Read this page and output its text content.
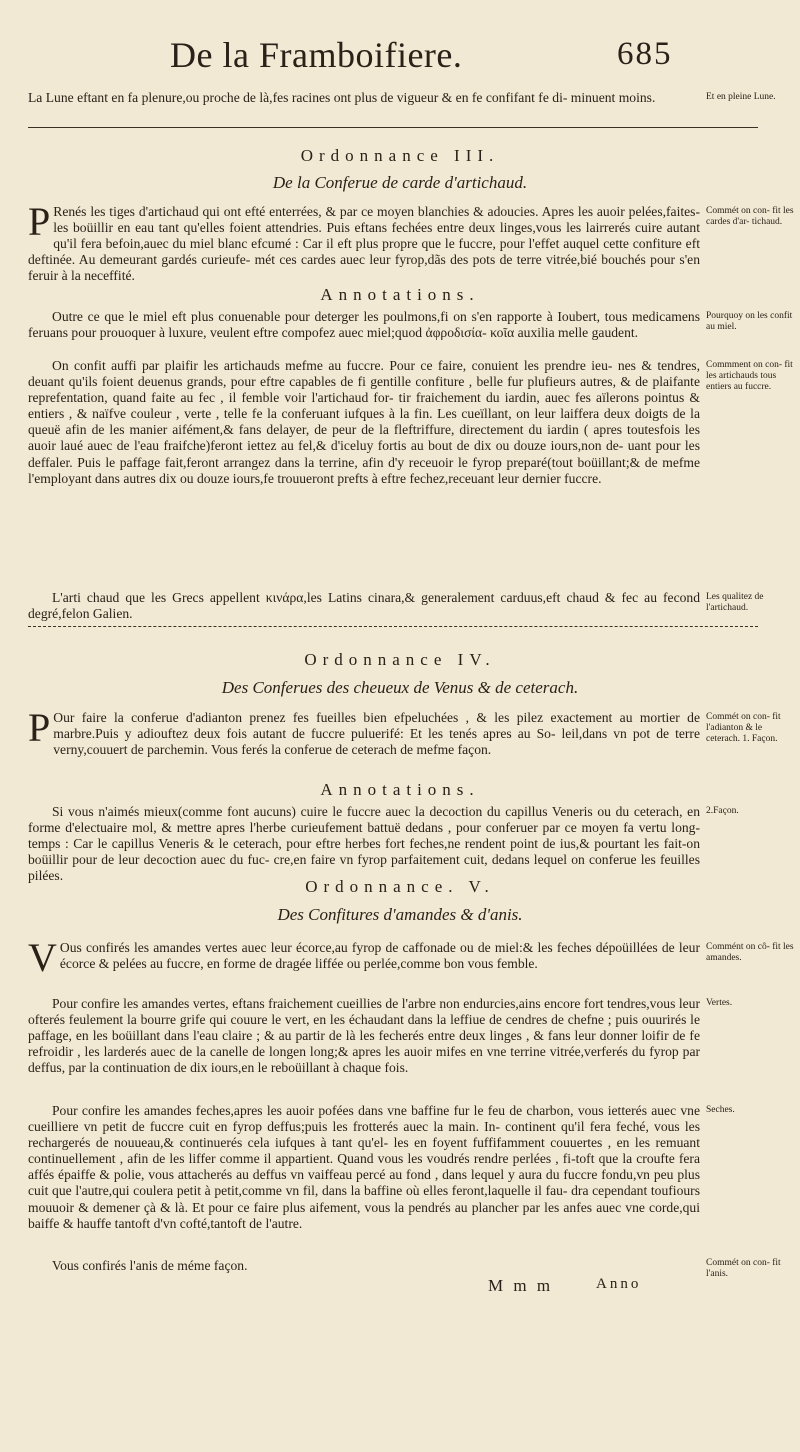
De la Framboifiere.	685

La Lune eftant en fa plenure,ou proche de là,fes racines ont plus de vigueur & en fe confifant fe di- minuent moins.	Et en pleine Lune.
Ordonnance III.
De la Conferue de carde d'artichaud.

P Renés les tiges d'artichaud qui ont efté enterrées, & par ce moyen blanchies & adoucies. Apres les auoir pelées,faites-les boüillir en eau tant qu'elles foient attendries. Puis eftans fechées entre deux linges,vous les lairrerés cuire autant qu'il fera befoin,auec du miel blanc efcumé : Car il eft plus propre que le fuccre, pour l'effet auquel cette confiture eft deftinée. Au demeurant gardés curieufe- mét ces cardes auec leur fyrop,dãs des pots de terre vitrée,bié bouchés pour s'en feruir à la neceffité.

Commét on con- fit les cardes d'ar- tichaud.
Annotations.

Outre ce que le miel eft plus conuenable pour deterger les poulmons,fi on s'en rapporte à Ioubert, tous medicamens feruans pour prouoquer à luxure, veulent eftre compofez auec miel;quod ἀφροδισία- κοῖα auxilia melle gaudent.

Pourquoy on les confit au miel.

On confit auffi par plaifir les artichauds mefme au fuccre. Pour ce faire, conuient les prendre ieu- nes & tendres, deuant qu'ils foient deuenus grands, pour eftre capables de fi gentille confiture , belle fur plufieurs autres, & de plaifante reprefentation, quand faite au fec , il femble voir l'artichaud for- tir fraichement du iardin, auec fes aïlerons pointus & entiers , & naïfve couleur , verte , telle fe la conferuant iufques à la fin. Les cueïllant, on leur laiffera deux doigts de la queuë afin de les manier aifément,& fans delayer, de peur de la fleftriffure, directement du iardin ( apres toutesfois les auoir laué auec de l'eau fraifche)feront iettez au fel,& d'iceluy fortis au bout de dix ou douze iours,non de- uant pour les deffaler. Puis le paffage fait,feront arrangez dans la terrine, afin d'y receuoir le fyrop preparé(tout boüillant;& de mefme l'employant dans autres dix ou douze iours,fe trouueront prefts à eftre fechez,receuant leur dernier fuccre.

Commment on con- fit les artichauds tous entiers au fuccre.

L'arti chaud que les Grecs appellent κινάρα,les Latins cinara,& generalement carduus,eft chaud & fec au fecond degré,felon Galien.

Les qualitez de l'artichaud.
Ordonnance IV.
Des Conferues des cheueux de Venus & de ceterach.

P Our faire la conferue d'adianton prenez fes fueilles bien efpeluchées , & les pilez exactement au mortier de marbre.Puis y adiouftez deux fois autant de fuccre puluerifé: Et les tenés apres au So- leil,dans vn pot de terre verny,couuert de parchemin. Vous ferés la conferue de ceterach de mefme façon.

Commét on con- fit l'adianton & le ceterach. 1. Façon.
Annotations.

Si vous n'aimés mieux(comme font aucuns) cuire le fuccre auec la decoction du capillus Veneris ou du ceterach, en forme d'electuaire mol, & mettre apres l'herbe curieufement battuë dedans , pour conferuer par ce moyen fa vertu long-temps : Car le capillus Veneris & le ceterach, pour eftre herbes fort feches,ne rendent point de ius,& pourtant les fait-on boüillir pour de leur decoction auec du fuc- cre,en faire vn fyrop parfaitement cuit, dedans lequel on conferue les feuilles pilées.

2.Façon.
Ordonnance. V.
Des Confitures d'amandes & d'anis.

V Ous confirés les amandes vertes auec leur écorce,au fyrop de caffonade ou de miel:& les feches dépoüillées de leur écorce & pelées au fuccre, en forme de dragée liffée ou perlée,comme bon vous femble.

Commént on cô- fit les amandes.

Pour confire les amandes vertes, eftans fraichement cueillies de l'arbre non endurcies,ains encore fort tendres,vous leur ofterés feulement la bourre grife qui couure le vert, en les échaudant dans la leffiue de cendres de chefne ; puis ouurirés le paffage, en les boüillant dans l'eau claire ; & au partir de là les fecherés entre deux linges , & fans leur donner loifir de fe refroidir , les larderés auec de la canelle de longen long;& apres les auoir mifes en vne terrine vitrée,verferés du fyrop par deffus, par la continuation de dix iours,en le reboüillant à chaque fois.

Vertes.

Pour confire les amandes feches,apres les auoir pofées dans vne baffine fur le feu de charbon, vous ietterés auec vne cueilliere vn petit de fuccre cuit en fyrop deffus;puis les frotterés auec la main. In- continent qu'il fera feché, vous les rechargerés de nouueau,& continuerés cela iufques à tant qu'el- les en foyent fuffifamment couuertes , en les remuant continuellement , afin de les liffer comme il appartient. Quand vous les voudrés rendre perlées , fi-toft que la croufte fera affés épaiffe & polie, vous attacherés au deffus vn vaiffeau percé au fond , dans lequel y aura du fuccre fondu,vn peu plus cuit que l'autre,qui coulera petit à petit,comme vn fil, dans la baffine où elles feront,laquelle il fau- dra cependant toufiours mouuoir & demener çà & là. Et pour ce faire plus aifement, vous la pendrés au plancher par les anfes auec vne corde,qui baiffe & hauffe tantoft d'vn cofté,tantoft de l'autre.

Seches.

Vous confirés l'anis de méme façon.	Commét on con- fit l'anis.
M m m	Anno
